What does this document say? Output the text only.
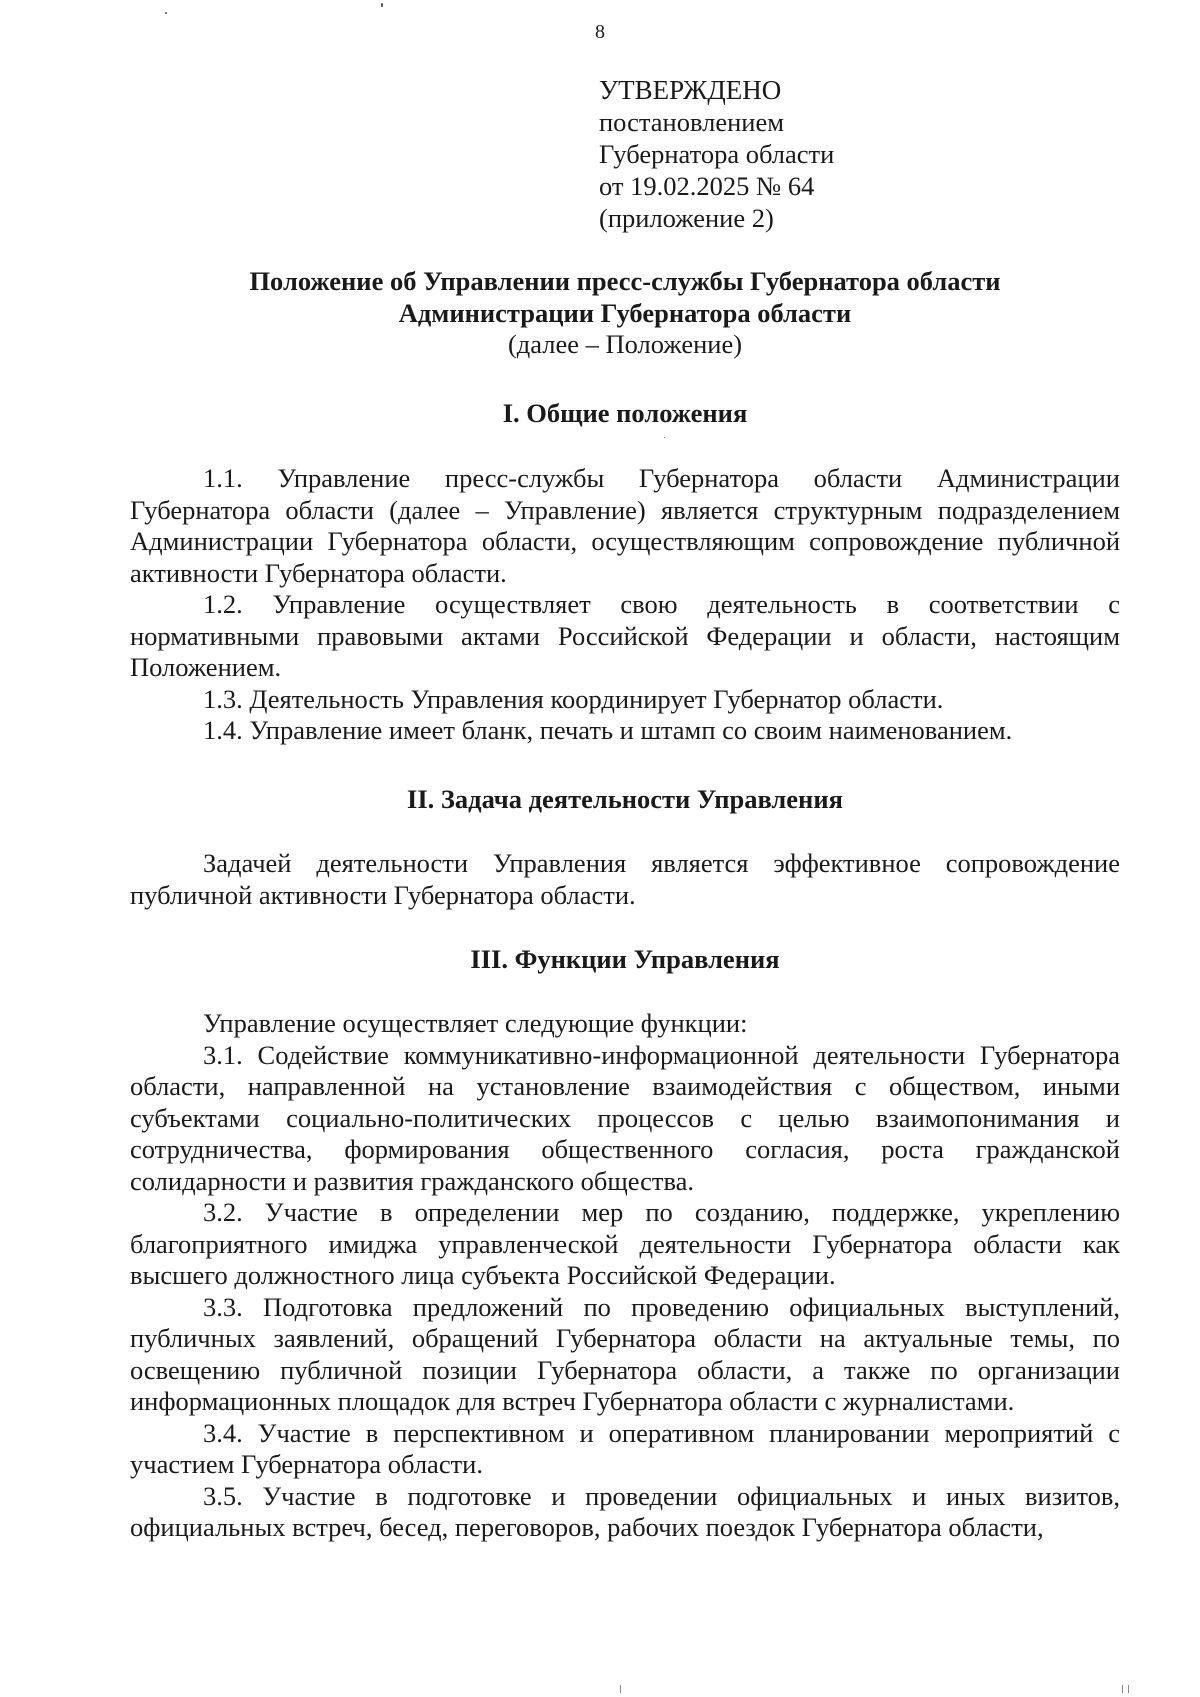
8
УТВЕРЖДЕНО
постановлением
Губернатора области
от 19.02.2025 № 64
(приложение 2)
Положение об Управлении пресс-службы Губернатора области
Администрации Губернатора области
(далее – Положение)
I. Общие положения

1.1. Управление пресс-службы Губернатора области Администрации Губернатора области (далее – Управление) является структурным подразделением Администрации Губернатора области, осуществляющим сопровождение публичной активности Губернатора области.

1.2. Управление осуществляет свою деятельность в соответствии с нормативными правовыми актами Российской Федерации и области, настоящим Положением.

1.3. Деятельность Управления координирует Губернатор области.

1.4. Управление имеет бланк, печать и штамп со своим наименованием.

II. Задача деятельности Управления

Задачей деятельности Управления является эффективное сопровождение публичной активности Губернатора области.

III. Функции Управления

Управление осуществляет следующие функции:

3.1. Содействие коммуникативно-информационной деятельности Губернатора области, направленной на установление взаимодействия с обществом, иными субъектами социально-политических процессов с целью взаимопонимания и сотрудничества, формирования общественного согласия, роста гражданской солидарности и развития гражданского общества.

3.2. Участие в определении мер по созданию, поддержке, укреплению благоприятного имиджа управленческой деятельности Губернатора области как высшего должностного лица субъекта Российской Федерации.

3.3. Подготовка предложений по проведению официальных выступлений, публичных заявлений, обращений Губернатора области на актуальные темы, по освещению публичной позиции Губернатора области, а также по организации информационных площадок для встреч Губернатора области с журналистами.

3.4. Участие в перспективном и оперативном планировании мероприятий с участием Губернатора области.

3.5. Участие в подготовке и проведении официальных и иных визитов, официальных встреч, бесед, переговоров, рабочих поездок Губернатора области,
